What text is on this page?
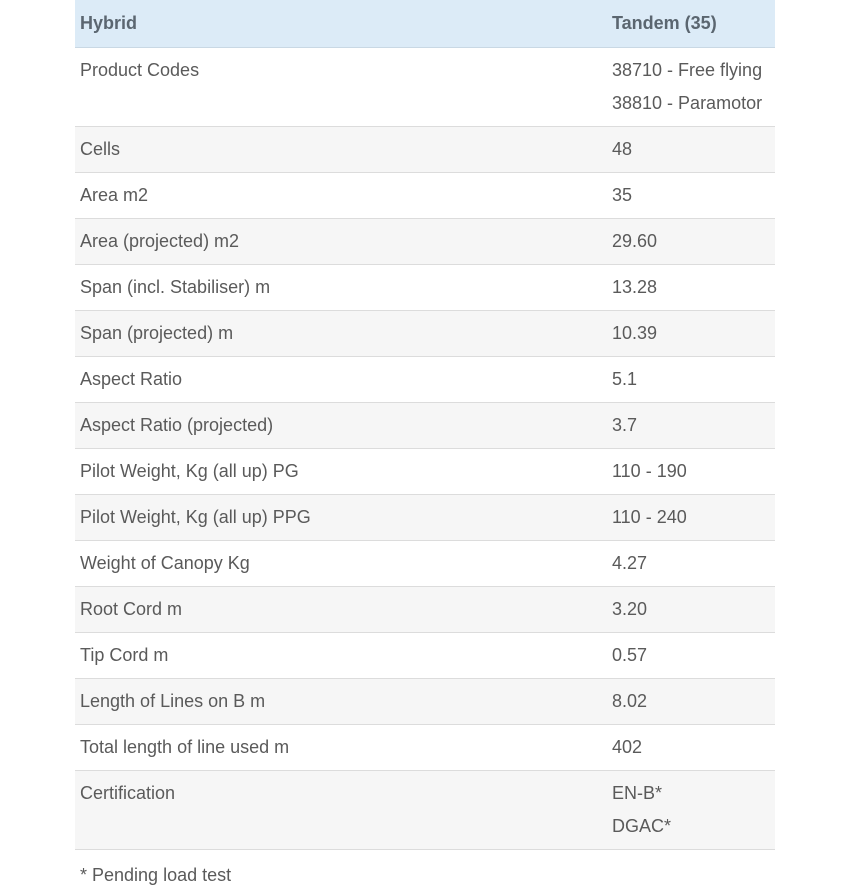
Hybrid	Tandem (35)
Product Codes	38710 - Free flying
38810 - Paramotor

Cells	48
Area m2	35
Area (projected) m2	29.60
Span (incl. Stabiliser) m	13.28
Span (projected) m	10.39
Aspect Ratio	5.1
Aspect Ratio (projected)	3.7
Pilot Weight, Kg (all up) PG	110 - 190
Pilot Weight, Kg (all up) PPG	110 - 240
Weight of Canopy Kg	4.27
Root Cord m	3.20
Tip Cord m	0.57
Length of Lines on B m	8.02
Total length of line used m	402
Certification	EN-B*
DGAC*
* Pending load test
